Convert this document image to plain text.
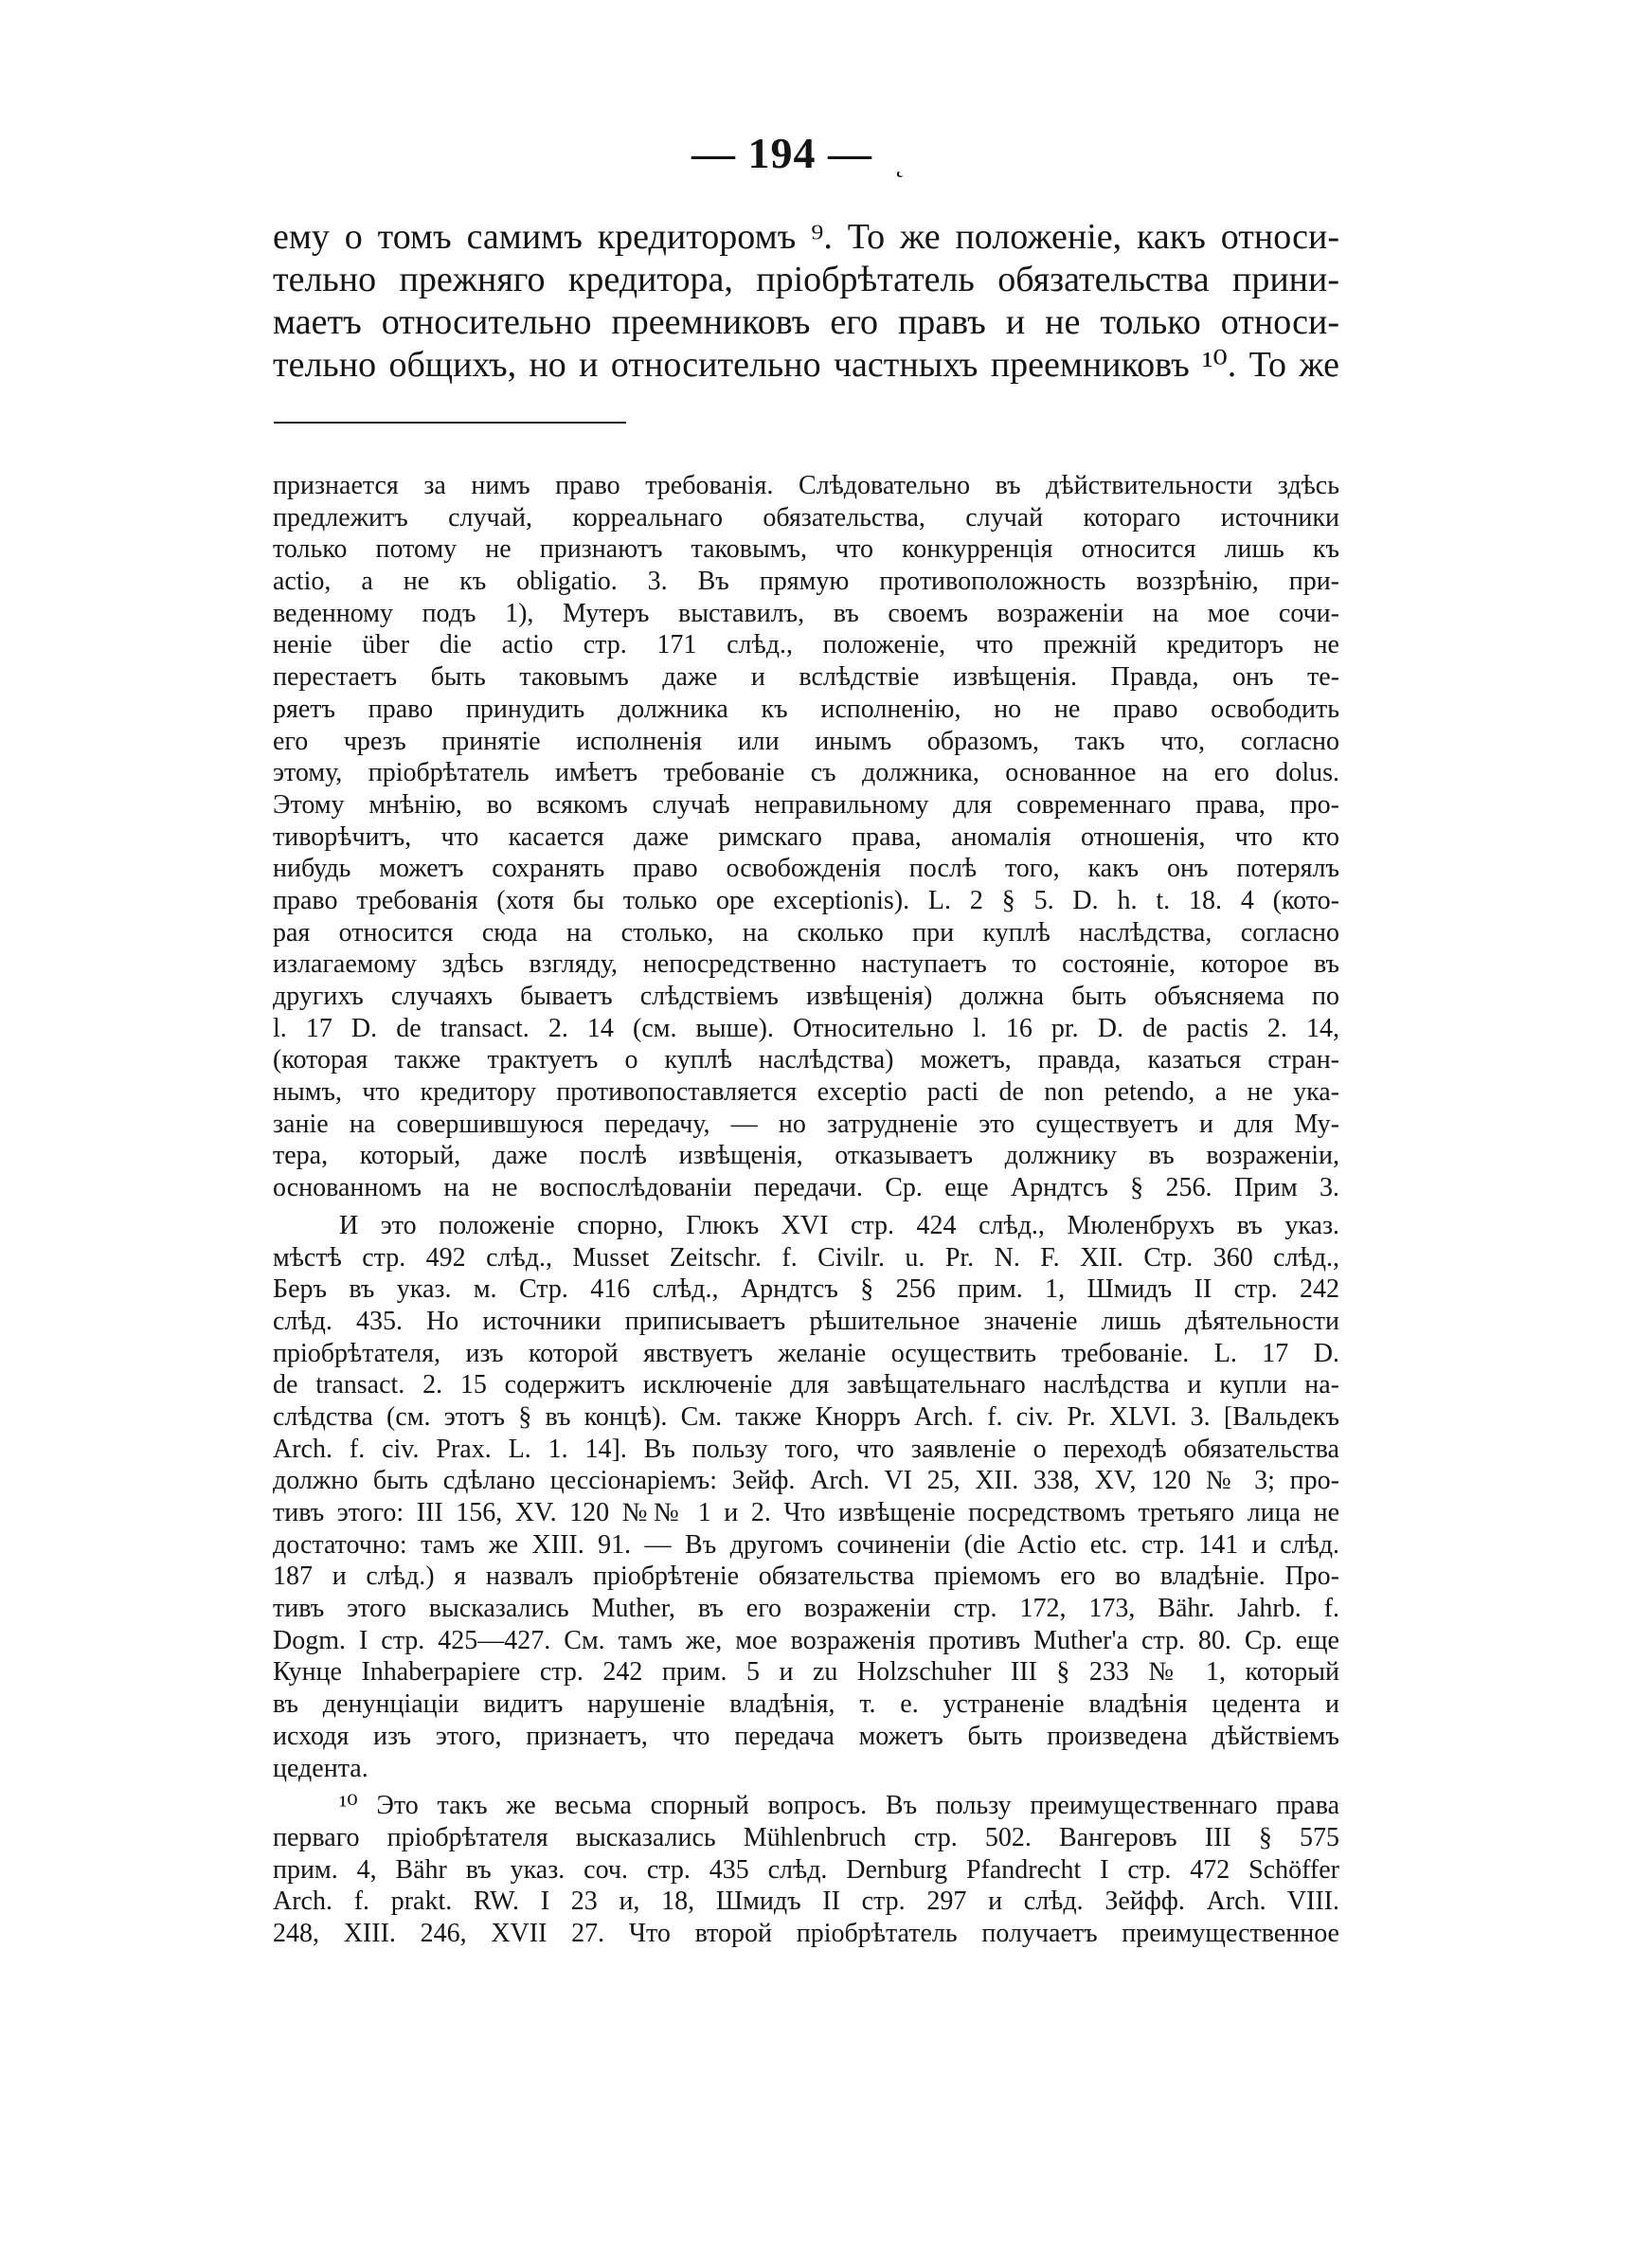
— 194 — ˛
ему о томъ самимъ кредиторомъ ⁹. То же положеніе, какъ относи-
тельно прежняго кредитора, пріобрѣтатель обязательства прини-
маетъ относительно преемниковъ его правъ и не только относи-
тельно общихъ, но и относительно частныхъ преемниковъ ¹⁰. То же
признается за нимъ право требованія. Слѣдовательно въ дѣйствительности здѣсь
предлежитъ случай, корреальнаго обязательства, случай котораго источники
только потому не признаютъ таковымъ, что конкурренція относится лишь къ
actio, а не къ obligatio. 3. Въ прямую противоположность воззрѣнію, при-
веденному подъ 1), Мутеръ выставилъ, въ своемъ возраженіи на мое сочи-
неніе über die actio стр. 171 слѣд., положеніе, что прежній кредиторъ не
перестаетъ быть таковымъ даже и вслѣдствіе извѣщенія. Правда, онъ те-
ряетъ право принудить должника къ исполненію, но не право освободить
его чрезъ принятіе исполненія или инымъ образомъ, такъ что, согласно
этому, пріобрѣтатель имѣетъ требованіе съ должника, основанное на его dolus.
Этому мнѣнію, во всякомъ случаѣ неправильному для современнаго права, про-
тиворѣчитъ, что касается даже римскаго права, аномалія отношенія, что кто
нибудь можетъ сохранять право освобожденія послѣ того, какъ онъ потерялъ
право требованія (хотя бы только ope exceptionis). L. 2 § 5. D. h. t. 18. 4 (кото-
рая относится сюда на столько, на сколько при куплѣ наслѣдства, согласно
излагаемому здѣсь взгляду, непосредственно наступаетъ то состояніе, которое въ
другихъ случаяхъ бываетъ слѣдствіемъ извѣщенія) должна быть объясняема по
l. 17 D. de transact. 2. 14 (см. выше). Относительно l. 16 pr. D. de pactis 2. 14,
(которая также трактуетъ о куплѣ наслѣдства) можетъ, правда, казаться стран-
нымъ, что кредитору противопоставляется exceptio pacti de non petendo, а не ука-
заніе на совершившуюся передачу, — но затрудненіе это существуетъ и для Му-
тера, который, даже послѣ извѣщенія, отказываетъ должнику въ возраженіи,
основанномъ на не воспослѣдованіи передачи. Ср. еще Арндтсъ § 256. Прим 3.
И это положеніе спорно, Глюкъ XVI стр. 424 слѣд., Мюленбрухъ въ указ.
мѣстѣ стр. 492 слѣд., Musset Zeitschr. f. Civilr. u. Pr. N. F. XII. Стр. 360 слѣд.,
Беръ въ указ. м. Стр. 416 слѣд., Арндтсъ § 256 прим. 1, Шмидъ II стр. 242
слѣд. 435. Но источники приписываетъ рѣшительное значеніе лишь дѣятельности
пріобрѣтателя, изъ которой явствуетъ желаніе осуществить требованіе. L. 17 D.
de transact. 2. 15 содержитъ исключеніе для завѣщательнаго наслѣдства и купли на-
слѣдства (см. этотъ § въ концѣ). См. также Кнорръ Arch. f. civ. Pr. XLVI. 3. [Вальдекъ
Arch. f. civ. Prax. L. 1. 14]. Въ пользу того, что заявленіе о переходѣ обязательства
должно быть сдѣлано цессіонаріемъ: Зейф. Arch. VI 25, XII. 338, XV, 120 № 3; про-
тивъ этого: III 156, XV. 120 №№ 1 и 2. Что извѣщеніе посредствомъ третьяго лица не
достаточно: тамъ же XIII. 91. — Въ другомъ сочиненіи (die Actio etc. стр. 141 и слѣд.
187 и слѣд.) я назвалъ пріобрѣтеніе обязательства пріемомъ его во владѣніе. Про-
тивъ этого высказались Muther, въ его возраженіи стр. 172, 173, Bähr. Jahrb. f.
Dogm. I стр. 425—427. См. тамъ же, мое возраженія противъ Muther'а стр. 80. Ср. еще
Кунце Inhaberpapiere стр. 242 прим. 5 и zu Holzschuher III § 233 № 1, который
въ денунціаціи видитъ нарушеніе владѣнія, т. е. устраненіе владѣнія цедента и
исходя изъ этого, признаетъ, что передача можетъ быть произведена дѣйствіемъ
цедента.
¹⁰ Это такъ же весьма спорный вопросъ. Въ пользу преимущественнаго права
перваго пріобрѣтателя высказались Mühlenbruch стр. 502. Вангеровъ III § 575
прим. 4, Bähr въ указ. соч. стр. 435 слѣд. Dernburg Pfandrecht I стр. 472 Schöffer
Arch. f. prakt. RW. I 23 и, 18, Шмидъ II стр. 297 и слѣд. Зейфф. Arch. VIII.
248, XIII. 246, XVII 27. Что второй пріобрѣтатель получаетъ преимущественное
